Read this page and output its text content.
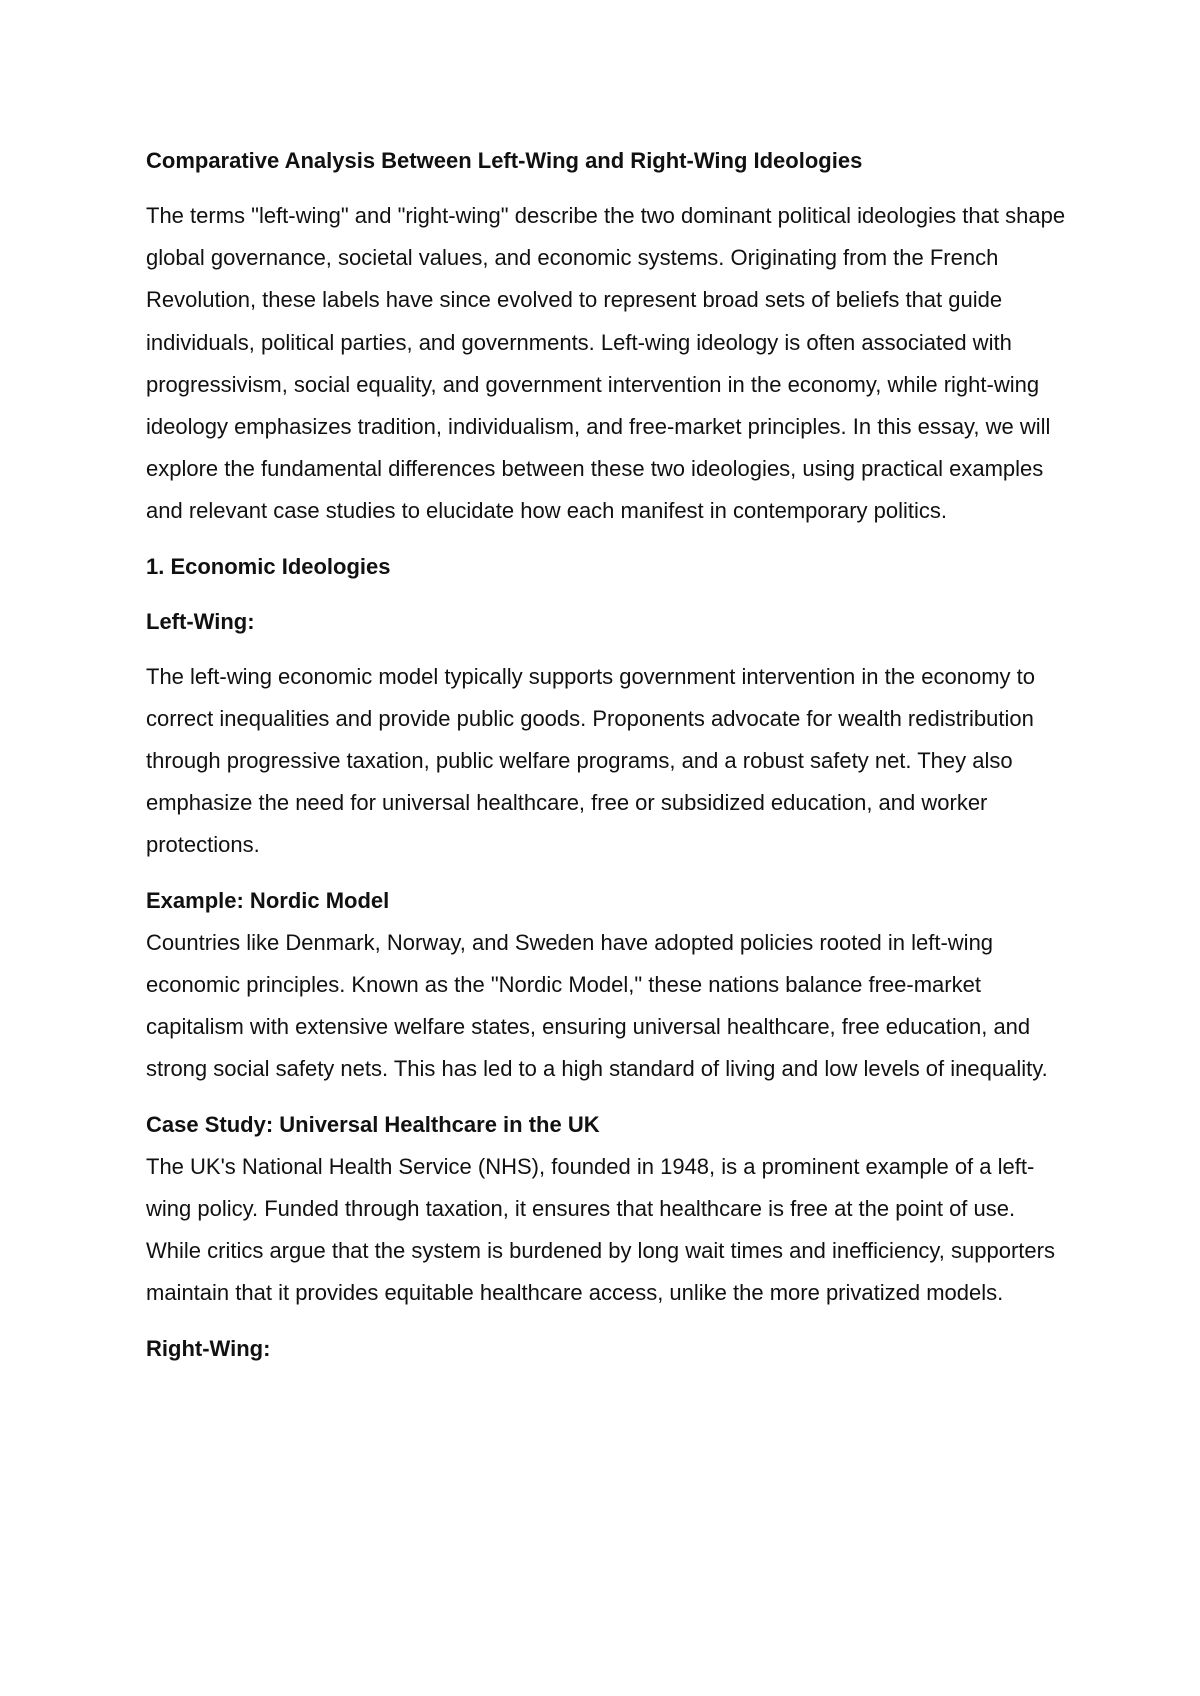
Comparative Analysis Between Left-Wing and Right-Wing Ideologies

The terms "left-wing" and "right-wing" describe the two dominant political ideologies that shape global governance, societal values, and economic systems. Originating from the French Revolution, these labels have since evolved to represent broad sets of beliefs that guide individuals, political parties, and governments. Left-wing ideology is often associated with progressivism, social equality, and government intervention in the economy, while right-wing ideology emphasizes tradition, individualism, and free-market principles. In this essay, we will explore the fundamental differences between these two ideologies, using practical examples and relevant case studies to elucidate how each manifest in contemporary politics.

1. Economic Ideologies
Left-Wing:

The left-wing economic model typically supports government intervention in the economy to correct inequalities and provide public goods. Proponents advocate for wealth redistribution through progressive taxation, public welfare programs, and a robust safety net. They also emphasize the need for universal healthcare, free or subsidized education, and worker protections.

Example: Nordic Model

Countries like Denmark, Norway, and Sweden have adopted policies rooted in left-wing economic principles. Known as the "Nordic Model," these nations balance free-market capitalism with extensive welfare states, ensuring universal healthcare, free education, and strong social safety nets. This has led to a high standard of living and low levels of inequality.

Case Study: Universal Healthcare in the UK

The UK's National Health Service (NHS), founded in 1948, is a prominent example of a left-wing policy. Funded through taxation, it ensures that healthcare is free at the point of use. While critics argue that the system is burdened by long wait times and inefficiency, supporters maintain that it provides equitable healthcare access, unlike the more privatized models.

Right-Wing:
